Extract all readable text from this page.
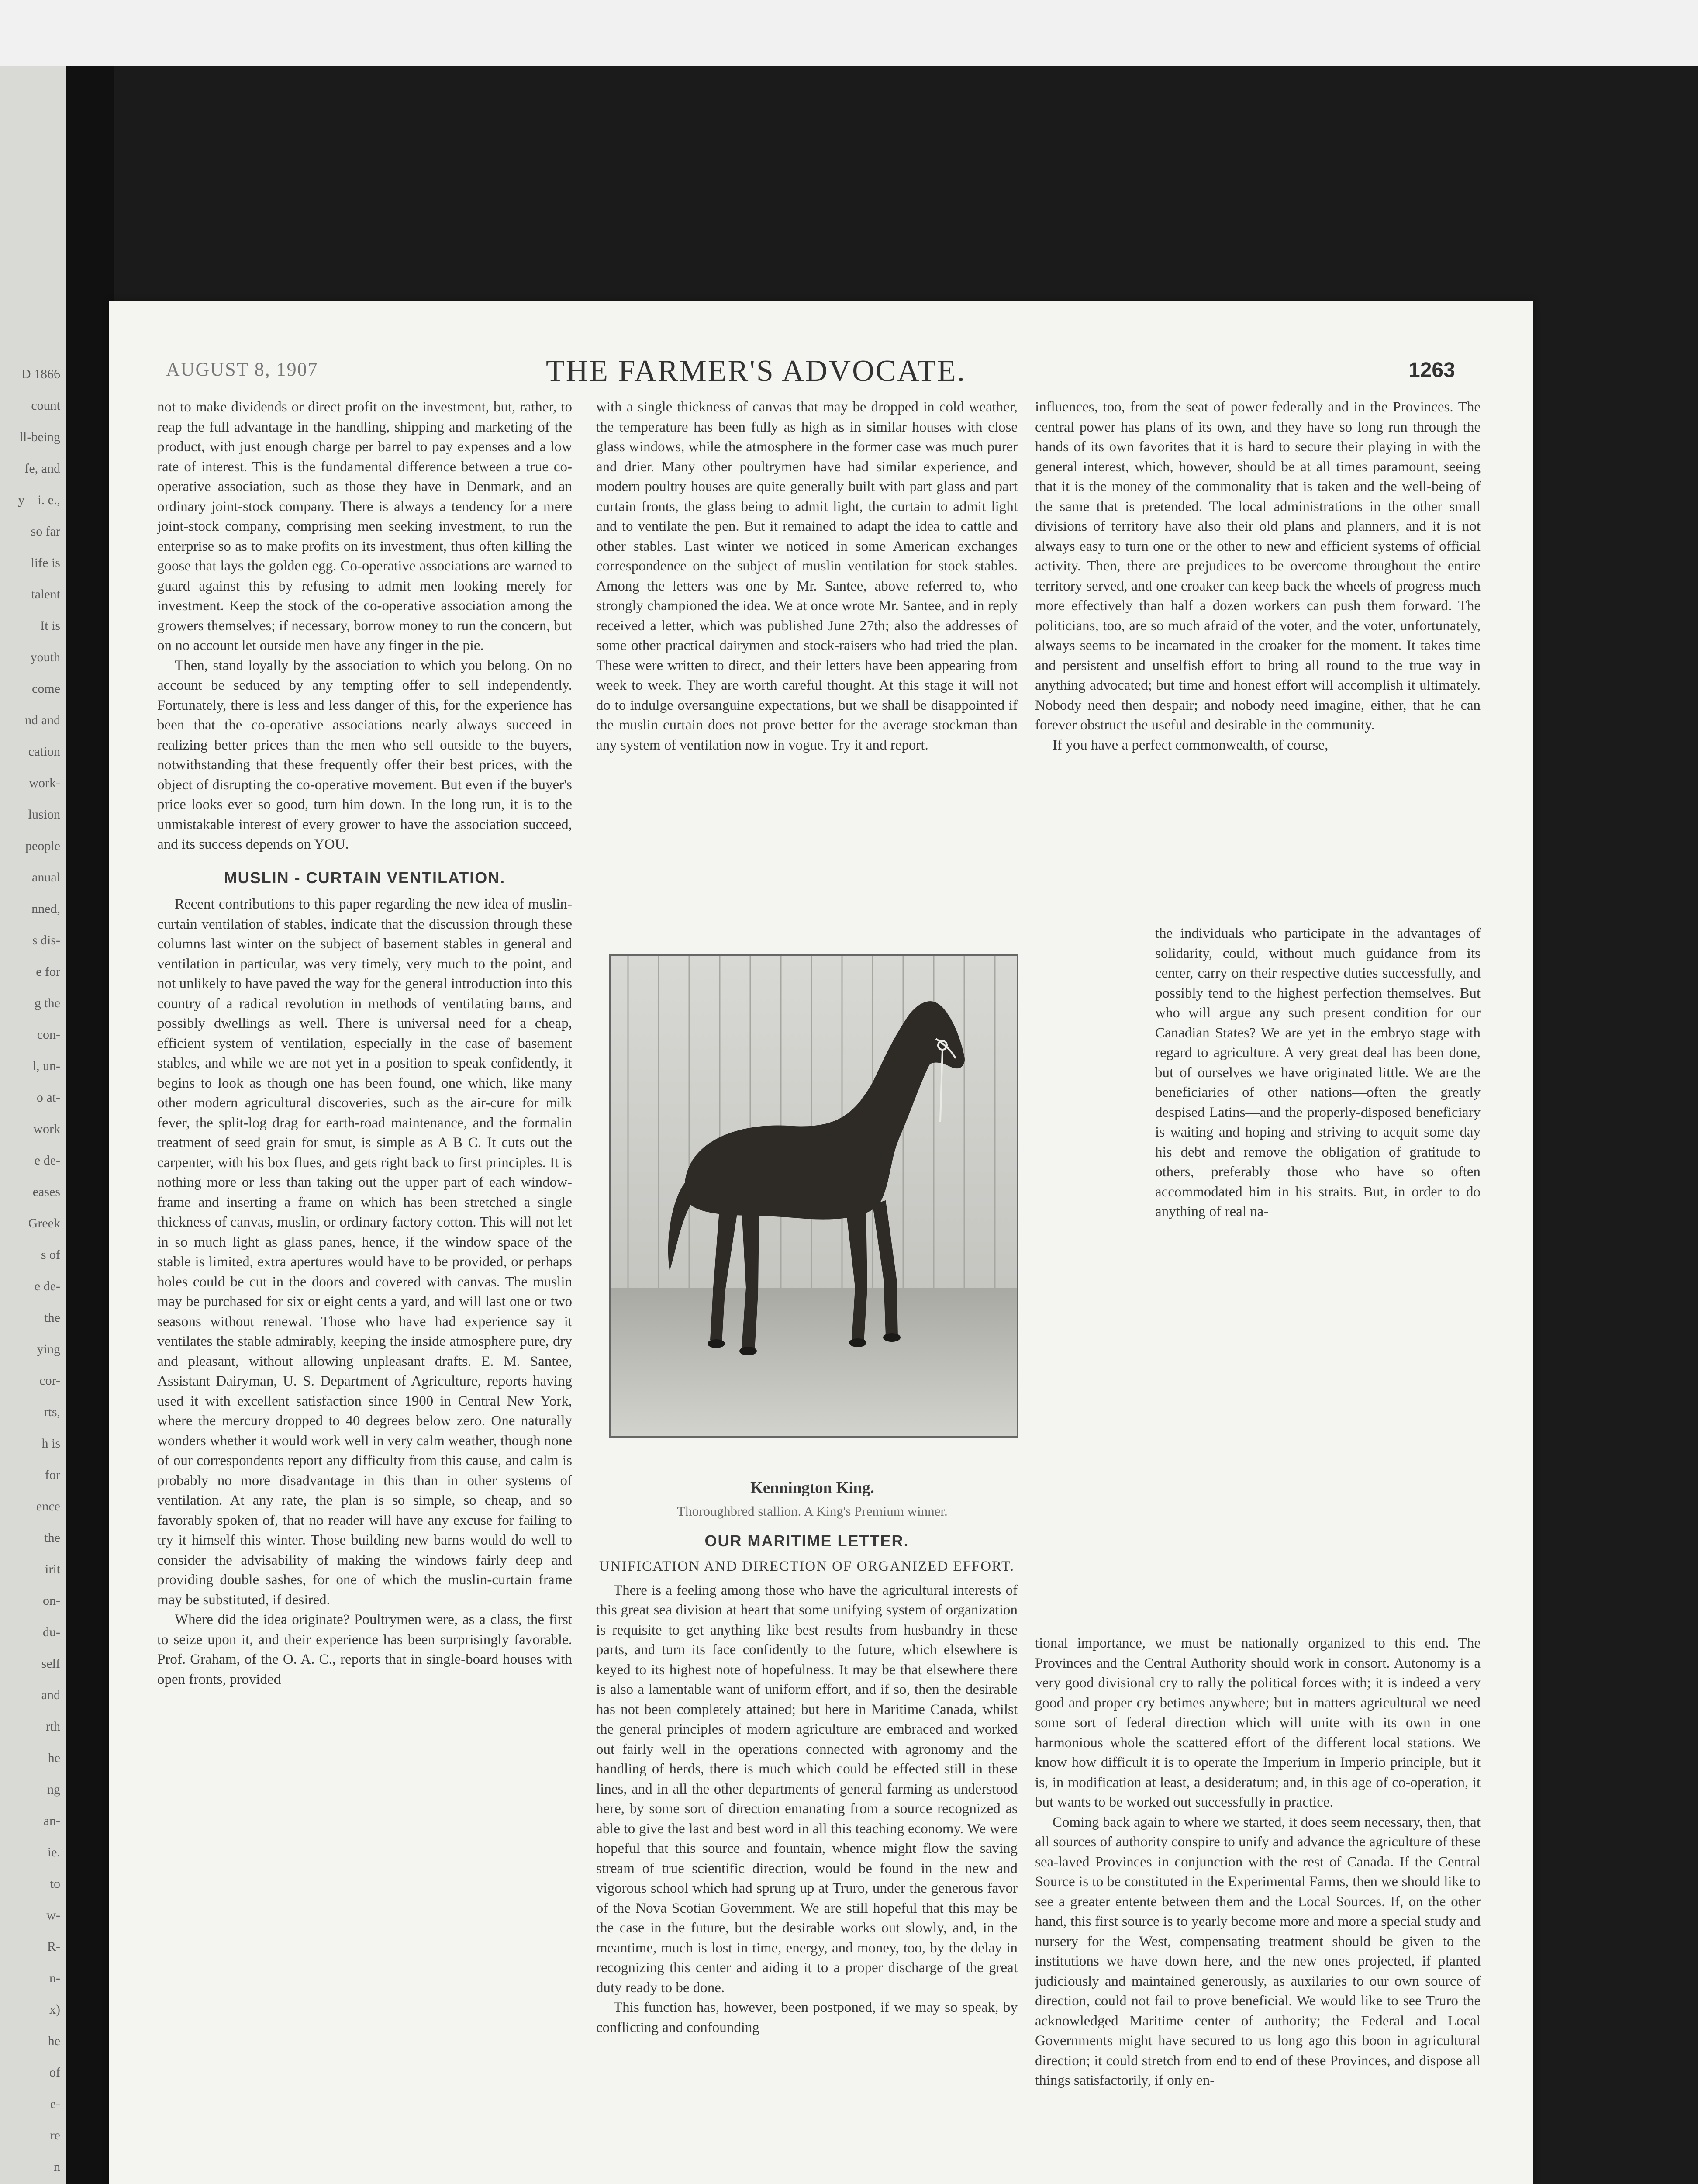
D 1866
count
ll-being
fe, and
y—i. e.,
so far
life is
talent
It is
youth
come
nd and
cation
work-
lusion
people
anual
nned,
s dis-
e for
g the
con-
l, un-
o at-
work
e de-
eases
Greek
s of
e de-
the
ying
cor-
rts,
h is
for
ence
the
irit
on-
du-
self
and
rth
he
ng
an-
ie.
to
w-
R-
n-
x)
he
of
e-
re
n
AUGUST 8, 1907	THE FARMER'S ADVOCATE.	1263

not to make dividends or direct profit on the investment, but, rather, to reap the full advantage in the handling, shipping and marketing of the product, with just enough charge per barrel to pay expenses and a low rate of interest. This is the fundamental difference between a true co-operative association, such as those they have in Denmark, and an ordinary joint-stock company. There is always a tendency for a mere joint-stock company, comprising men seeking investment, to run the enterprise so as to make profits on its investment, thus often killing the goose that lays the golden egg. Co-operative associations are warned to guard against this by refusing to admit men looking merely for investment. Keep the stock of the co-operative association among the growers themselves; if necessary, borrow money to run the concern, but on no account let outside men have any finger in the pie.

Then, stand loyally by the association to which you belong. On no account be seduced by any tempting offer to sell independently. Fortunately, there is less and less danger of this, for the experience has been that the co-operative associations nearly always succeed in realizing better prices than the men who sell outside to the buyers, notwithstanding that these frequently offer their best prices, with the object of disrupting the co-operative movement. But even if the buyer's price looks ever so good, turn him down. In the long run, it is to the unmistakable interest of every grower to have the association succeed, and its success depends on YOU.

MUSLIN - CURTAIN VENTILATION.

Recent contributions to this paper regarding the new idea of muslin-curtain ventilation of stables, indicate that the discussion through these columns last winter on the subject of basement stables in general and ventilation in particular, was very timely, very much to the point, and not unlikely to have paved the way for the general introduction into this country of a radical revolution in methods of ventilating barns, and possibly dwellings as well. There is universal need for a cheap, efficient system of ventilation, especially in the case of basement stables, and while we are not yet in a position to speak confidently, it begins to look as though one has been found, one which, like many other modern agricultural discoveries, such as the air-cure for milk fever, the split-log drag for earth-road maintenance, and the formalin treatment of seed grain for smut, is simple as A B C. It cuts out the carpenter, with his box flues, and gets right back to first principles. It is nothing more or less than taking out the upper part of each window-frame and inserting a frame on which has been stretched a single thickness of canvas, muslin, or ordinary factory cotton. This will not let in so much light as glass panes, hence, if the window space of the stable is limited, extra apertures would have to be provided, or perhaps holes could be cut in the doors and covered with canvas. The muslin may be purchased for six or eight cents a yard, and will last one or two seasons without renewal. Those who have had experience say it ventilates the stable admirably, keeping the inside atmosphere pure, dry and pleasant, without allowing unpleasant drafts. E. M. Santee, Assistant Dairyman, U. S. Department of Agriculture, reports having used it with excellent satisfaction since 1900 in Central New York, where the mercury dropped to 40 degrees below zero. One naturally wonders whether it would work well in very calm weather, though none of our correspondents report any difficulty from this cause, and calm is probably no more disadvantage in this than in other systems of ventilation. At any rate, the plan is so simple, so cheap, and so favorably spoken of, that no reader will have any excuse for failing to try it himself this winter. Those building new barns would do well to consider the advisability of making the windows fairly deep and providing double sashes, for one of which the muslin-curtain frame may be substituted, if desired.

Where did the idea originate? Poultrymen were, as a class, the first to seize upon it, and their experience has been surprisingly favorable. Prof. Graham, of the O. A. C., reports that in single-board houses with open fronts, provided

with a single thickness of canvas that may be dropped in cold weather, the temperature has been fully as high as in similar houses with close glass windows, while the atmosphere in the former case was much purer and drier. Many other poultrymen have had similar experience, and modern poultry houses are quite generally built with part glass and part curtain fronts, the glass being to admit light, the curtain to admit light and to ventilate the pen. But it remained to adapt the idea to cattle and other stables. Last winter we noticed in some American exchanges correspondence on the subject of muslin ventilation for stock stables. Among the letters was one by Mr. Santee, above referred to, who strongly championed the idea. We at once wrote Mr. Santee, and in reply received a letter, which was published June 27th; also the addresses of some other practical dairymen and stock-raisers who had tried the plan. These were written to direct, and their letters have been appearing from week to week. They are worth careful thought. At this stage it will not do to indulge oversanguine expectations, but we shall be disappointed if the muslin curtain does not prove better for the average stockman than any system of ventilation now in vogue. Try it and report.

Kennington King.
Thoroughbred stallion. A King's Premium winner.
OUR MARITIME LETTER.
UNIFICATION AND DIRECTION OF ORGANIZED EFFORT.

There is a feeling among those who have the agricultural interests of this great sea division at heart that some unifying system of organization is requisite to get anything like best results from husbandry in these parts, and turn its face confidently to the future, which elsewhere is keyed to its highest note of hopefulness. It may be that elsewhere there is also a lamentable want of uniform effort, and if so, then the desirable has not been completely attained; but here in Maritime Canada, whilst the general principles of modern agriculture are embraced and worked out fairly well in the operations connected with agronomy and the handling of herds, there is much which could be effected still in these lines, and in all the other departments of general farming as understood here, by some sort of direction emanating from a source recognized as able to give the last and best word in all this teaching economy. We were hopeful that this source and fountain, whence might flow the saving stream of true scientific direction, would be found in the new and vigorous school which had sprung up at Truro, under the generous favor of the Nova Scotian Government. We are still hopeful that this may be the case in the future, but the desirable works out slowly, and, in the meantime, much is lost in time, energy, and money, too, by the delay in recognizing this center and aiding it to a proper discharge of the great duty ready to be done.

This function has, however, been postponed, if we may so speak, by conflicting and confounding

influences, too, from the seat of power federally and in the Provinces. The central power has plans of its own, and they have so long run through the hands of its own favorites that it is hard to secure their playing in with the general interest, which, however, should be at all times paramount, seeing that it is the money of the commonality that is taken and the well-being of the same that is pretended. The local administrations in the other small divisions of territory have also their old plans and planners, and it is not always easy to turn one or the other to new and efficient systems of official activity. Then, there are prejudices to be overcome throughout the entire territory served, and one croaker can keep back the wheels of progress much more effectively than half a dozen workers can push them forward. The politicians, too, are so much afraid of the voter, and the voter, unfortunately, always seems to be incarnated in the croaker for the moment. It takes time and persistent and unselfish effort to bring all round to the true way in anything advocated; but time and honest effort will accomplish it ultimately. Nobody need then despair; and nobody need imagine, either, that he can forever obstruct the useful and desirable in the community.

If you have a perfect commonwealth, of course,

the individuals who participate in the advantages of solidarity, could, without much guidance from its center, carry on their respective duties successfully, and possibly tend to the highest perfection themselves. But who will argue any such present condition for our Canadian States? We are yet in the embryo stage with regard to agriculture. A very great deal has been done, but of ourselves we have originated little. We are the beneficiaries of other nations—often the greatly despised Latins—and the properly-disposed beneficiary is waiting and hoping and striving to acquit some day his debt and remove the obligation of gratitude to others, preferably those who have so often accommodated him in his straits. But, in order to do anything of real na-

tional importance, we must be nationally organized to this end. The Provinces and the Central Authority should work in consort. Autonomy is a very good divisional cry to rally the political forces with; it is indeed a very good and proper cry betimes anywhere; but in matters agricultural we need some sort of federal direction which will unite with its own in one harmonious whole the scattered effort of the different local stations. We know how difficult it is to operate the Imperium in Imperio principle, but it is, in modification at least, a desideratum; and, in this age of co-operation, it but wants to be worked out successfully in practice.

Coming back again to where we started, it does seem necessary, then, that all sources of authority conspire to unify and advance the agriculture of these sea-laved Provinces in conjunction with the rest of Canada. If the Central Source is to be constituted in the Experimental Farms, then we should like to see a greater entente between them and the Local Sources. If, on the other hand, this first source is to yearly become more and more a special study and nursery for the West, compensating treatment should be given to the institutions we have down here, and the new ones projected, if planted judiciously and maintained generously, as auxilaries to our own source of direction, could not fail to prove beneficial. We would like to see Truro the acknowledged Maritime center of authority; the Federal and Local Governments might have secured to us long ago this boon in agricultural direction; it could stretch from end to end of these Provinces, and dispose all things satisfactorily, if only en-
